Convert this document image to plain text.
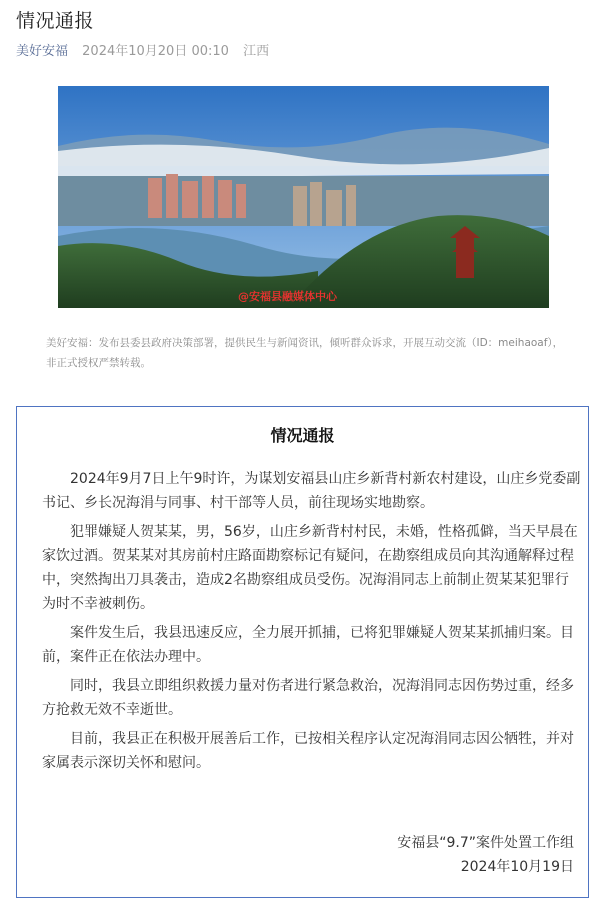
情况通报
美好安福 2024年10月20日 00:10 江西
@安福县融媒体中心
美好安福：发布县委县政府决策部署，提供民生与新闻资讯，倾听群众诉求，开展互动交流（ID：meihaoaf），非正式授权严禁转载。
情况通报

2024年9月7日上午9时许，为谋划安福县山庄乡新背村新农村建设，山庄乡党委副书记、乡长况海涓与同事、村干部等人员，前往现场实地勘察。

犯罪嫌疑人贺某某，男，56岁，山庄乡新背村村民，未婚，性格孤僻，当天早晨在家饮过酒。贺某某对其房前村庄路面勘察标记有疑问，在勘察组成员向其沟通解释过程中，突然掏出刀具袭击，造成2名勘察组成员受伤。况海涓同志上前制止贺某某犯罪行为时不幸被刺伤。

案件发生后，我县迅速反应，全力展开抓捕，已将犯罪嫌疑人贺某某抓捕归案。目前，案件正在依法办理中。

同时，我县立即组织救援力量对伤者进行紧急救治，况海涓同志因伤势过重，经多方抢救无效不幸逝世。

目前，我县正在积极开展善后工作，已按相关程序认定况海涓同志因公牺牲，并对家属表示深切关怀和慰问。

安福县“9.7”案件处置工作组
2024年10月19日
